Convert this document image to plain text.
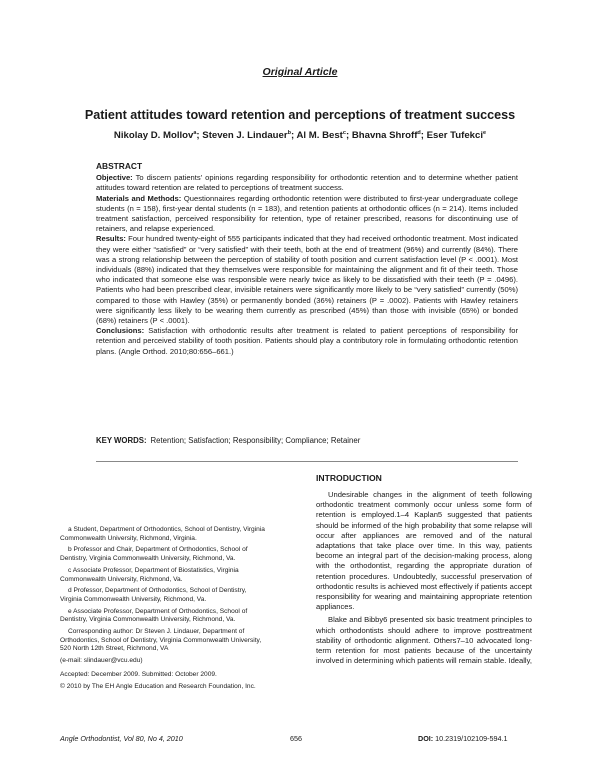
Original Article
Patient attitudes toward retention and perceptions of treatment success
Nikolay D. Mollov$^a$; Steven J. Lindauer$^b$; Al M. Best$^c$; Bhavna Shroff$^d$; Eser Tufekci$^e$

ABSTRACT

Objective: To discern patients' opinions regarding responsibility for orthodontic retention and to determine whether patient attitudes toward retention are related to perceptions of treatment success.

Materials and Methods: Questionnaires regarding orthodontic retention were distributed to first-year undergraduate college students (n = 158), first-year dental students (n = 183), and retention patients at orthodontic offices (n = 214). Items included treatment satisfaction, perceived responsibility for retention, type of retainer prescribed, reasons for discontinuing use of retainers, and relapse experienced.

Results: Four hundred twenty-eight of 555 participants indicated that they had received orthodontic treatment. Most indicated they were either “satisfied” or “very satisfied” with their teeth, both at the end of treatment (96%) and currently (84%). There was a strong relationship between the perception of stability of tooth position and current satisfaction level (P < .0001). Most individuals (88%) indicated that they themselves were responsible for maintaining the alignment and fit of their teeth. Those who indicated that someone else was responsible were nearly twice as likely to be dissatisfied with their teeth (P = .0496). Patients who had been prescribed clear, invisible retainers were significantly more likely to be “very satisfied” currently (50%) compared to those with Hawley (35%) or permanently bonded (36%) retainers (P = .0002). Patients with Hawley retainers were significantly less likely to be wearing them currently as prescribed (45%) than those with invisible (65%) or bonded (68%) retainers (P < .0001).

Conclusions: Satisfaction with orthodontic results after treatment is related to patient perceptions of responsibility for retention and perceived stability of tooth position. Patients should play a contributory role in formulating orthodontic retention plans. (Angle Orthod. 2010;80:656–661.)

KEY WORDS: Retention; Satisfaction; Responsibility; Compliance; Retainer

a Student, Department of Orthodontics, School of Dentistry, Virginia Commonwealth University, Richmond, Virginia.

b Professor and Chair, Department of Orthodontics, School of Dentistry, Virginia Commonwealth University, Richmond, Va.

c Associate Professor, Department of Biostatistics, Virginia Commonwealth University, Richmond, Va.

d Professor, Department of Orthodontics, School of Dentistry, Virginia Commonwealth University, Richmond, Va.

e Associate Professor, Department of Orthodontics, School of Dentistry, Virginia Commonwealth University, Richmond, Va.

Corresponding author: Dr Steven J. Lindauer, Department of Orthodontics, School of Dentistry, Virginia Commonwealth University, 520 North 12th Street, Richmond, VA

(e-mail: slindauer@vcu.edu)

Accepted: December 2009. Submitted: October 2009.

© 2010 by The EH Angle Education and Research Foundation, Inc.

INTRODUCTION

Undesirable changes in the alignment of teeth following orthodontic treatment commonly occur unless some form of retention is employed.1–4 Kaplan5 suggested that patients should be informed of the high probability that some relapse will occur after appliances are removed and of the natural adaptations that take place over time. In this way, patients become an integral part of the decision-making process, along with the orthodontist, regarding the appropriate duration of retention procedures. Undoubtedly, successful preservation of orthodontic results is achieved most effectively if patients accept responsibility for wearing and maintaining appropriate retention appliances.

Blake and Bibby6 presented six basic treatment principles to which orthodontists should adhere to improve posttreatment stability of orthodontic alignment. Others7–10 advocated long-term retention for most patients because of the uncertainty involved in determining which patients will remain stable. Ideally,

Angle Orthodontist, Vol 80, No 4, 2010	656	DOI: 10.2319/102109-594.1
